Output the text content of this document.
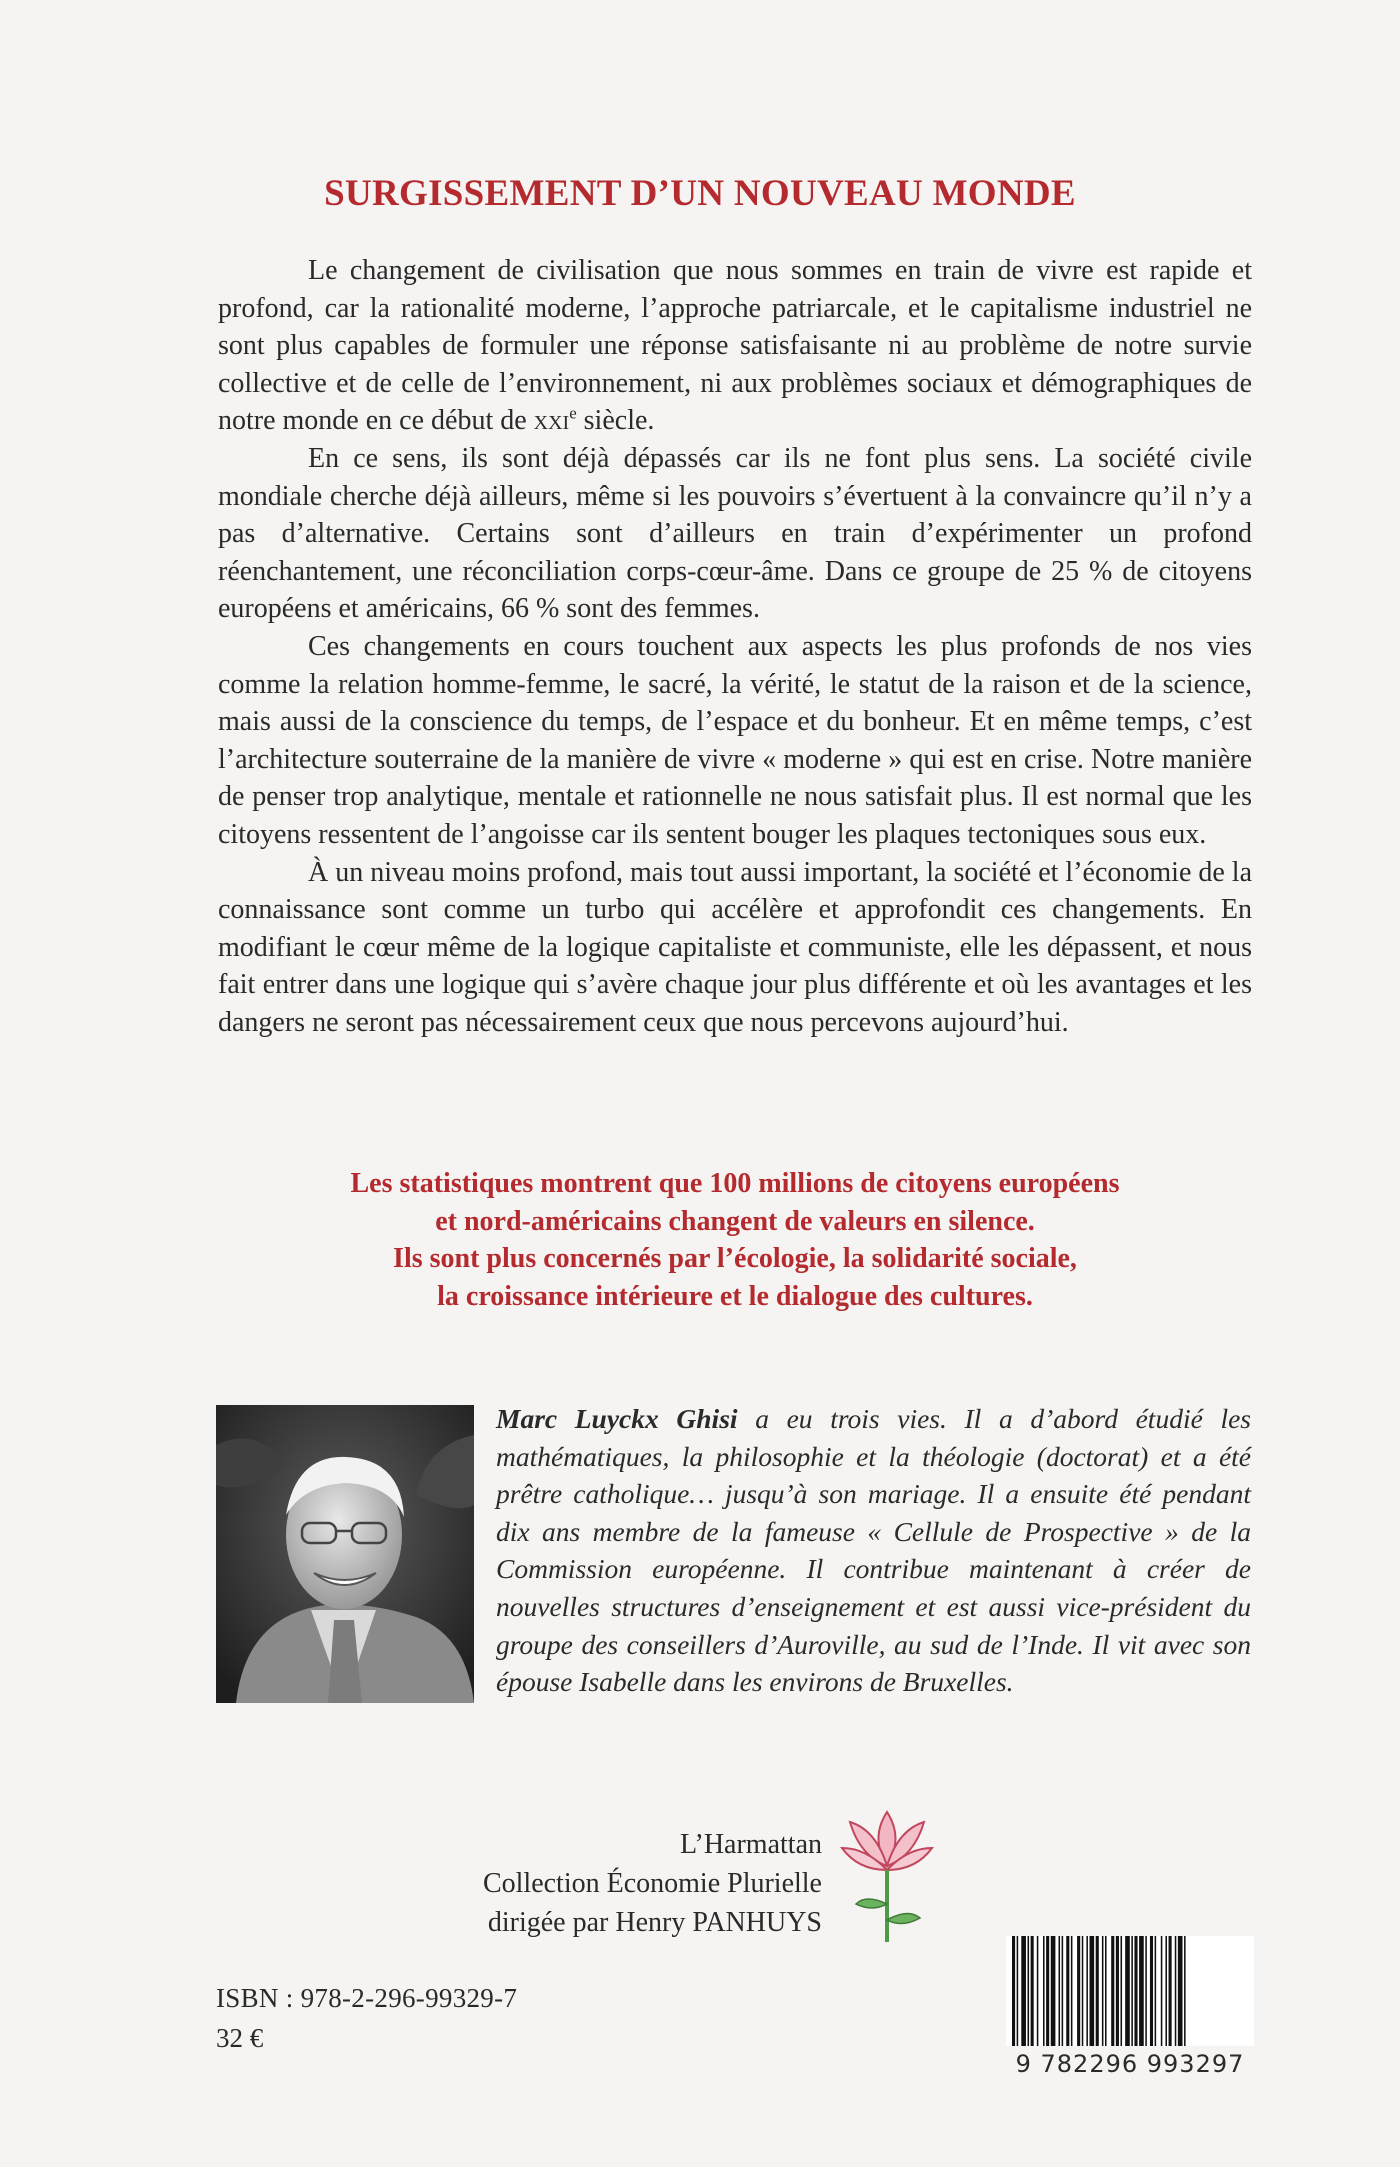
SURGISSEMENT D’UN NOUVEAU MONDE

Le changement de civilisation que nous sommes en train de vivre est rapide et profond, car la rationalité moderne, l’approche patriarcale, et le capitalisme industriel ne sont plus capables de formuler une réponse satisfaisante ni au problème de notre survie collective et de celle de l’environnement, ni aux problèmes sociaux et démographiques de notre monde en ce début de xxi$^e$ siècle.

En ce sens, ils sont déjà dépassés car ils ne font plus sens. La société civile mondiale cherche déjà ailleurs, même si les pouvoirs s’évertuent à la convaincre qu’il n’y a pas d’alternative. Certains sont d’ailleurs en train d’expérimenter un profond réenchantement, une réconciliation corps-cœur-âme. Dans ce groupe de 25 % de citoyens européens et américains, 66 % sont des femmes.

Ces changements en cours touchent aux aspects les plus profonds de nos vies comme la relation homme-femme, le sacré, la vérité, le statut de la raison et de la science, mais aussi de la conscience du temps, de l’espace et du bonheur. Et en même temps, c’est l’architecture souterraine de la manière de vivre « moderne » qui est en crise. Notre manière de penser trop analytique, mentale et rationnelle ne nous satisfait plus. Il est normal que les citoyens ressentent de l’angoisse car ils sentent bouger les plaques tectoniques sous eux.

À un niveau moins profond, mais tout aussi important, la société et l’économie de la connaissance sont comme un turbo qui accélère et approfondit ces changements. En modifiant le cœur même de la logique capitaliste et communiste, elle les dépassent, et nous fait entrer dans une logique qui s’avère chaque jour plus différente et où les avantages et les dangers ne seront pas nécessairement ceux que nous percevons aujourd’hui.

Les statistiques montrent que 100 millions de citoyens européens
et nord-américains changent de valeurs en silence.
Ils sont plus concernés par l’écologie, la solidarité sociale,
la croissance intérieure et le dialogue des cultures.
Marc Luyckx Ghisi a eu trois vies. Il a d’abord étudié les mathématiques, la philosophie et la théologie (doctorat) et a été prêtre catholique… jusqu’à son mariage. Il a ensuite été pendant dix ans membre de la fameuse « Cellule de Prospective » de la Commission européenne. Il contribue maintenant à créer de nouvelles structures d’enseignement et est aussi vice-président du groupe des conseillers d’Auroville, au sud de l’Inde. Il vit avec son épouse Isabelle dans les environs de Bruxelles.
L’Harmattan
Collection Économie Plurielle
dirigée par Henry PANHUYS
ISBN : 978-2-296-99329-7
32 €
9 782296 993297
